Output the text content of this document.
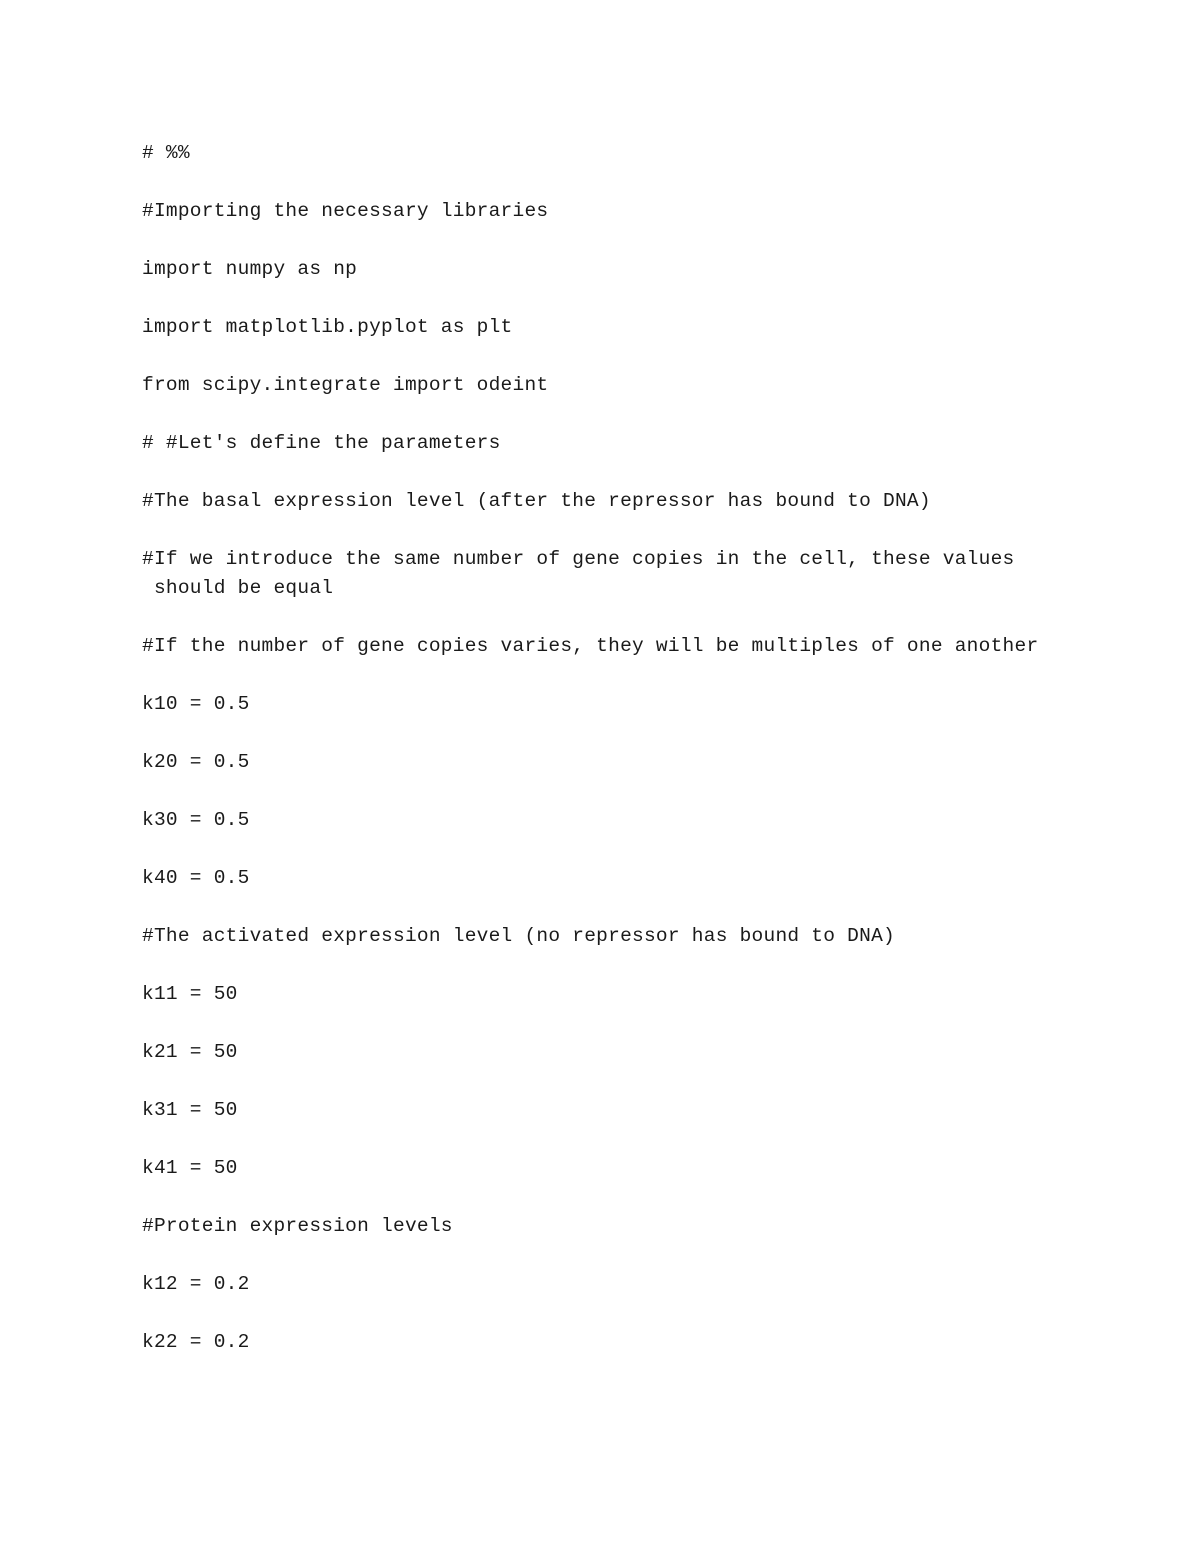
# %%
#Importing the necessary libraries
import numpy as np
import matplotlib.pyplot as plt
from scipy.integrate import odeint
# #Let's define the parameters
#The basal expression level (after the repressor has bound to DNA)
#If we introduce the same number of gene copies in the cell, these values
should be equal
#If the number of gene copies varies, they will be multiples of one another
k10 = 0.5
k20 = 0.5
k30 = 0.5
k40 = 0.5
#The activated expression level (no repressor has bound to DNA)
k11 = 50
k21 = 50
k31 = 50
k41 = 50
#Protein expression levels
k12 = 0.2
k22 = 0.2
